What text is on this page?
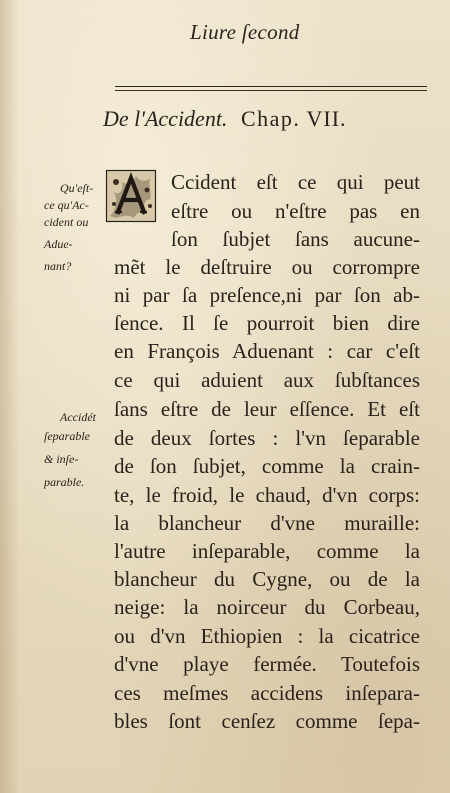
Liure ſecond
De l'Accident. Chap. VII.
A
Qu'eſt-
ce qu'Ac-
cident ou
Adue-
nant?
Accidét
ſeparable
& inſe-
parable.
Ccident eſt ce qui peut
eſtre ou n'eſtre pas en
ſon ſubjet ſans aucune-
mẽt le deſtruire ou corrompre
ni par ſa preſence,ni par ſon ab-
ſence. Il ſe pourroit bien dire
en François Aduenant : car c'eſt
ce qui aduient aux ſubſtances
ſans eſtre de leur eſſence. Et eſt
de deux ſortes : l'vn ſeparable
de ſon ſubjet, comme la crain-
te, le froid, le chaud, d'vn corps:
la blancheur d'vne muraille:
l'autre inſeparable, comme la
blancheur du Cygne, ou de la
neige: la noirceur du Corbeau,
ou d'vn Ethiopien : la cicatrice
d'vne playe fermée. Toutefois
ces meſmes accidens inſepara-
bles ſont cenſez comme ſepa-
